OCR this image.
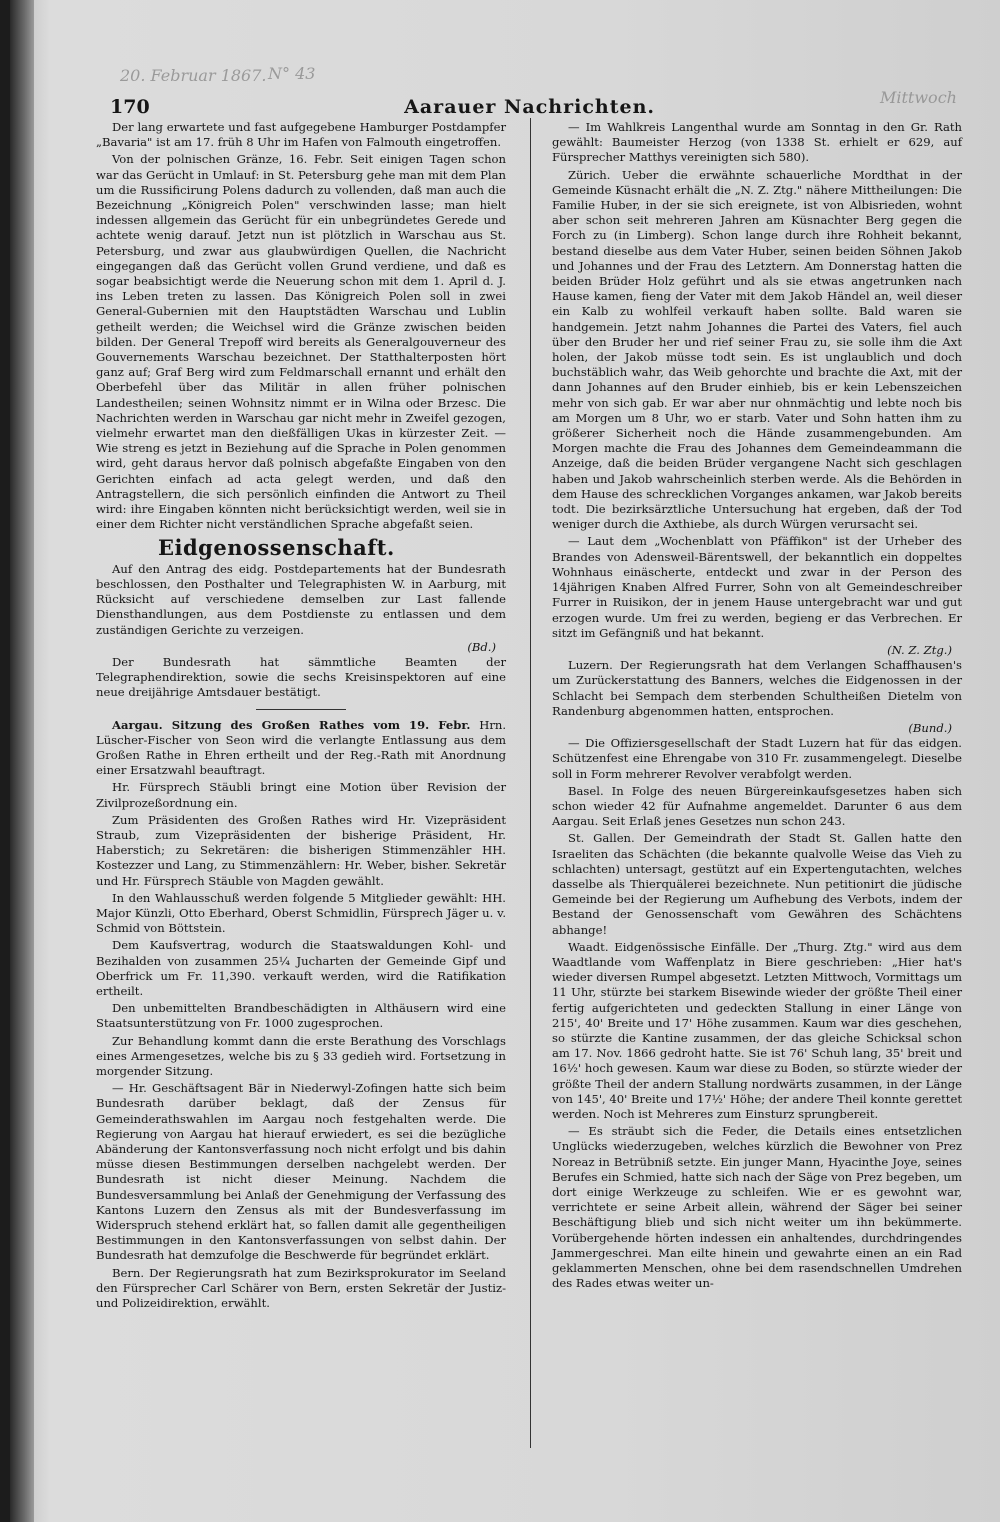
20. Februar 1867. N° 43
Mittwoch
170	Aarauer Nachrichten.

Der lang erwartete und fast aufgegebene Hamburger Postdampfer „Bavaria" ist am 17. früh 8 Uhr im Hafen von Falmouth eingetroffen.

Von der polnischen Gränze, 16. Febr. Seit einigen Tagen schon war das Gerücht in Umlauf: in St. Petersburg gehe man mit dem Plan um die Russificirung Polens dadurch zu vollenden, daß man auch die Bezeichnung „Königreich Polen" verschwinden lasse; man hielt indessen allgemein das Gerücht für ein unbegründetes Gerede und achtete wenig darauf. Jetzt nun ist plötzlich in Warschau aus St. Petersburg, und zwar aus glaubwürdigen Quellen, die Nachricht eingegangen daß das Gerücht vollen Grund verdiene, und daß es sogar beabsichtigt werde die Neuerung schon mit dem 1. April d. J. ins Leben treten zu lassen. Das Königreich Polen soll in zwei General-Gubernien mit den Hauptstädten Warschau und Lublin getheilt werden; die Weichsel wird die Gränze zwischen beiden bilden. Der General Trepoff wird bereits als Generalgouverneur des Gouvernements Warschau bezeichnet. Der Statthalterposten hört ganz auf; Graf Berg wird zum Feldmarschall ernannt und erhält den Oberbefehl über das Militär in allen früher polnischen Landestheilen; seinen Wohnsitz nimmt er in Wilna oder Brzesc. Die Nachrichten werden in Warschau gar nicht mehr in Zweifel gezogen, vielmehr erwartet man den dießfälligen Ukas in kürzester Zeit. — Wie streng es jetzt in Beziehung auf die Sprache in Polen genommen wird, geht daraus hervor daß polnisch abgefaßte Eingaben von den Gerichten einfach ad acta gelegt werden, und daß den Antragstellern, die sich persönlich einfinden die Antwort zu Theil wird: ihre Eingaben könnten nicht berücksichtigt werden, weil sie in einer dem Richter nicht verständlichen Sprache abgefaßt seien.

Eidgenossenschaft.

Auf den Antrag des eidg. Postdepartements hat der Bundesrath beschlossen, den Posthalter und Telegraphisten W. in Aarburg, mit Rücksicht auf verschiedene demselben zur Last fallende Diensthandlungen, aus dem Postdienste zu entlassen und dem zuständigen Gerichte zu verzeigen.

(Bd.)

Der Bundesrath hat sämmtliche Beamten der Telegraphendirektion, sowie die sechs Kreisinspektoren auf eine neue dreijährige Amtsdauer bestätigt.

Aargau. Sitzung des Großen Rathes vom 19. Febr. Hrn. Lüscher-Fischer von Seon wird die verlangte Entlassung aus dem Großen Rathe in Ehren ertheilt und der Reg.-Rath mit Anordnung einer Ersatzwahl beauftragt.

Hr. Fürsprech Stäubli bringt eine Motion über Revision der Zivilprozeßordnung ein.

Zum Präsidenten des Großen Rathes wird Hr. Vizepräsident Straub, zum Vizepräsidenten der bisherige Präsident, Hr. Haberstich; zu Sekretären: die bisherigen Stimmenzähler HH. Kostezzer und Lang, zu Stimmenzählern: Hr. Weber, bisher. Sekretär und Hr. Fürsprech Stäuble von Magden gewählt.

In den Wahlausschuß werden folgende 5 Mitglieder gewählt: HH. Major Künzli, Otto Eberhard, Oberst Schmidlin, Fürsprech Jäger u. v. Schmid von Böttstein.

Dem Kaufsvertrag, wodurch die Staatswaldungen Kohl- und Bezihalden von zusammen 25¼ Jucharten der Gemeinde Gipf und Oberfrick um Fr. 11,390. verkauft werden, wird die Ratifikation ertheilt.

Den unbemittelten Brandbeschädigten in Althäusern wird eine Staatsunterstützung von Fr. 1000 zugesprochen.

Zur Behandlung kommt dann die erste Berathung des Vorschlags eines Armengesetzes, welche bis zu § 33 gedieh wird. Fortsetzung in morgender Sitzung.

— Hr. Geschäftsagent Bär in Niederwyl-Zofingen hatte sich beim Bundesrath darüber beklagt, daß der Zensus für Gemeinderathswahlen im Aargau noch festgehalten werde. Die Regierung von Aargau hat hierauf erwiedert, es sei die bezügliche Abänderung der Kantonsverfassung noch nicht erfolgt und bis dahin müsse diesen Bestimmungen derselben nachgelebt werden. Der Bundesrath ist nicht dieser Meinung. Nachdem die Bundesversammlung bei Anlaß der Genehmigung der Verfassung des Kantons Luzern den Zensus als mit der Bundesverfassung im Widerspruch stehend erklärt hat, so fallen damit alle gegentheiligen Bestimmungen in den Kantonsverfassungen von selbst dahin. Der Bundesrath hat demzufolge die Beschwerde für begründet erklärt.

Bern. Der Regierungsrath hat zum Bezirksprokurator im Seeland den Fürsprecher Carl Schärer von Bern, ersten Sekretär der Justiz- und Polizeidirektion, erwählt.

— Im Wahlkreis Langenthal wurde am Sonntag in den Gr. Rath gewählt: Baumeister Herzog (von 1338 St. erhielt er 629, auf Fürsprecher Matthys vereinigten sich 580).

Zürich. Ueber die erwähnte schauerliche Mordthat in der Gemeinde Küsnacht erhält die „N. Z. Ztg." nähere Mittheilungen: Die Familie Huber, in der sie sich ereignete, ist von Albisrieden, wohnt aber schon seit mehreren Jahren am Küsnachter Berg gegen die Forch zu (in Limberg). Schon lange durch ihre Rohheit bekannt, bestand dieselbe aus dem Vater Huber, seinen beiden Söhnen Jakob und Johannes und der Frau des Letztern. Am Donnerstag hatten die beiden Brüder Holz geführt und als sie etwas angetrunken nach Hause kamen, fieng der Vater mit dem Jakob Händel an, weil dieser ein Kalb zu wohlfeil verkauft haben sollte. Bald waren sie handgemein. Jetzt nahm Johannes die Partei des Vaters, fiel auch über den Bruder her und rief seiner Frau zu, sie solle ihm die Axt holen, der Jakob müsse todt sein. Es ist unglaublich und doch buchstäblich wahr, das Weib gehorchte und brachte die Axt, mit der dann Johannes auf den Bruder einhieb, bis er kein Lebenszeichen mehr von sich gab. Er war aber nur ohnmächtig und lebte noch bis am Morgen um 8 Uhr, wo er starb. Vater und Sohn hatten ihm zu größerer Sicherheit noch die Hände zusammengebunden. Am Morgen machte die Frau des Johannes dem Gemeindeammann die Anzeige, daß die beiden Brüder vergangene Nacht sich geschlagen haben und Jakob wahrscheinlich sterben werde. Als die Behörden in dem Hause des schrecklichen Vorganges ankamen, war Jakob bereits todt. Die bezirksärztliche Untersuchung hat ergeben, daß der Tod weniger durch die Axthiebe, als durch Würgen verursacht sei.

— Laut dem „Wochenblatt von Pfäffikon" ist der Urheber des Brandes von Adensweil-Bärentswell, der bekanntlich ein doppeltes Wohnhaus einäscherte, entdeckt und zwar in der Person des 14jährigen Knaben Alfred Furrer, Sohn von alt Gemeindeschreiber Furrer in Ruisikon, der in jenem Hause untergebracht war und gut erzogen wurde. Um frei zu werden, begieng er das Verbrechen. Er sitzt im Gefängniß und hat bekannt.

(N. Z. Ztg.)

Luzern. Der Regierungsrath hat dem Verlangen Schaffhausen's um Zurückerstattung des Banners, welches die Eidgenossen in der Schlacht bei Sempach dem sterbenden Schultheißen Dietelm von Randenburg abgenommen hatten, entsprochen.

(Bund.)

— Die Offiziersgesellschaft der Stadt Luzern hat für das eidgen. Schützenfest eine Ehrengabe von 310 Fr. zusammengelegt. Dieselbe soll in Form mehrerer Revolver verabfolgt werden.

Basel. In Folge des neuen Bürgereinkaufsgesetzes haben sich schon wieder 42 für Aufnahme angemeldet. Darunter 6 aus dem Aargau. Seit Erlaß jenes Gesetzes nun schon 243.

St. Gallen. Der Gemeindrath der Stadt St. Gallen hatte den Israeliten das Schächten (die bekannte qualvolle Weise das Vieh zu schlachten) untersagt, gestützt auf ein Expertengutachten, welches dasselbe als Thierquälerei bezeichnete. Nun petitionirt die jüdische Gemeinde bei der Regierung um Aufhebung des Verbots, indem der Bestand der Genossenschaft vom Gewähren des Schächtens abhange!

Waadt. Eidgenössische Einfälle. Der „Thurg. Ztg." wird aus dem Waadtlande vom Waffenplatz in Biere geschrieben: „Hier hat's wieder diversen Rumpel abgesetzt. Letzten Mittwoch, Vormittags um 11 Uhr, stürzte bei starkem Bisewinde wieder der größte Theil einer fertig aufgerichteten und gedeckten Stallung in einer Länge von 215', 40' Breite und 17' Höhe zusammen. Kaum war dies geschehen, so stürzte die Kantine zusammen, der das gleiche Schicksal schon am 17. Nov. 1866 gedroht hatte. Sie ist 76' Schuh lang, 35' breit und 16½' hoch gewesen. Kaum war diese zu Boden, so stürzte wieder der größte Theil der andern Stallung nordwärts zusammen, in der Länge von 145', 40' Breite und 17½' Höhe; der andere Theil konnte gerettet werden. Noch ist Mehreres zum Einsturz sprungbereit.

— Es sträubt sich die Feder, die Details eines entsetzlichen Unglücks wiederzugeben, welches kürzlich die Bewohner von Prez Noreaz in Betrübniß setzte. Ein junger Mann, Hyacinthe Joye, seines Berufes ein Schmied, hatte sich nach der Säge von Prez begeben, um dort einige Werkzeuge zu schleifen. Wie er es gewohnt war, verrichtete er seine Arbeit allein, während der Säger bei seiner Beschäftigung blieb und sich nicht weiter um ihn bekümmerte. Vorübergehende hörten indessen ein anhaltendes, durchdringendes Jammergeschrei. Man eilte hinein und gewahrte einen an ein Rad geklammerten Menschen, ohne bei dem rasendschnellen Umdrehen des Rades etwas weiter un-
